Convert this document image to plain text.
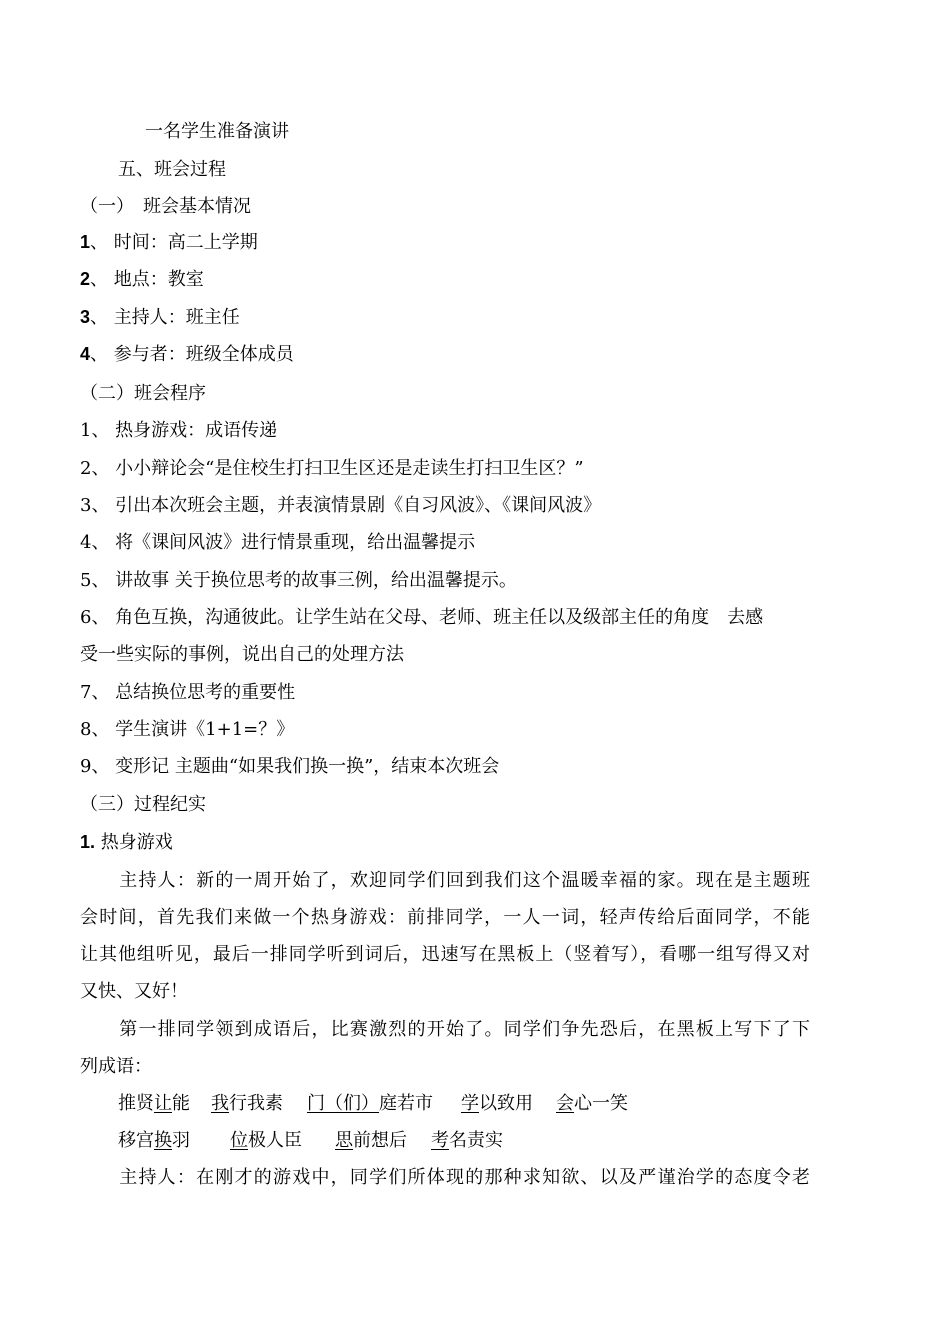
一名学生准备演讲
五、班会过程
（一）　班会基本情况
1、 时间：高二上学期
2、 地点：教室
3、 主持人：班主任
4、 参与者：班级全体成员
（二）班会程序
1、 热身游戏：成语传递
2、 小小辩论会“是住校生打扫卫生区还是走读生打扫卫生区？”
3、 引出本次班会主题，并表演情景剧《自习风波》、《课间风波》
4、 将《课间风波》进行情景重现，给出温馨提示
5、 讲故事 关于换位思考的故事三例，给出温馨提示。
6、 角色互换，沟通彼此。让学生站在父母、老师、班主任以及级部主任的角度　去感
受一些实际的事例，说出自己的处理方法
7、 总结换位思考的重要性
8、 学生演讲《1+1=？》
9、 变形记 主题曲“如果我们换一换”，结束本次班会
（三）过程纪实
1. 热身游戏
主持人：新的一周开始了，欢迎同学们回到我们这个温暖幸福的家。现在是主题班
会时间，首先我们来做一个热身游戏：前排同学，一人一词，轻声传给后面同学，不能
让其他组听见，最后一排同学听到词后，迅速写在黑板上（竖着写），看哪一组写得又对
又快、又好！
第一排同学领到成语后，比赛激烈的开始了。同学们争先恐后，在黑板上写下了下
列成语：
推贤让能 我行我素 门（们）庭若市 学以致用 会心一笑
移宫换羽 位极人臣 思前想后 考名责实
主持人：在刚才的游戏中，同学们所体现的那种求知欲、以及严谨治学的态度令老
